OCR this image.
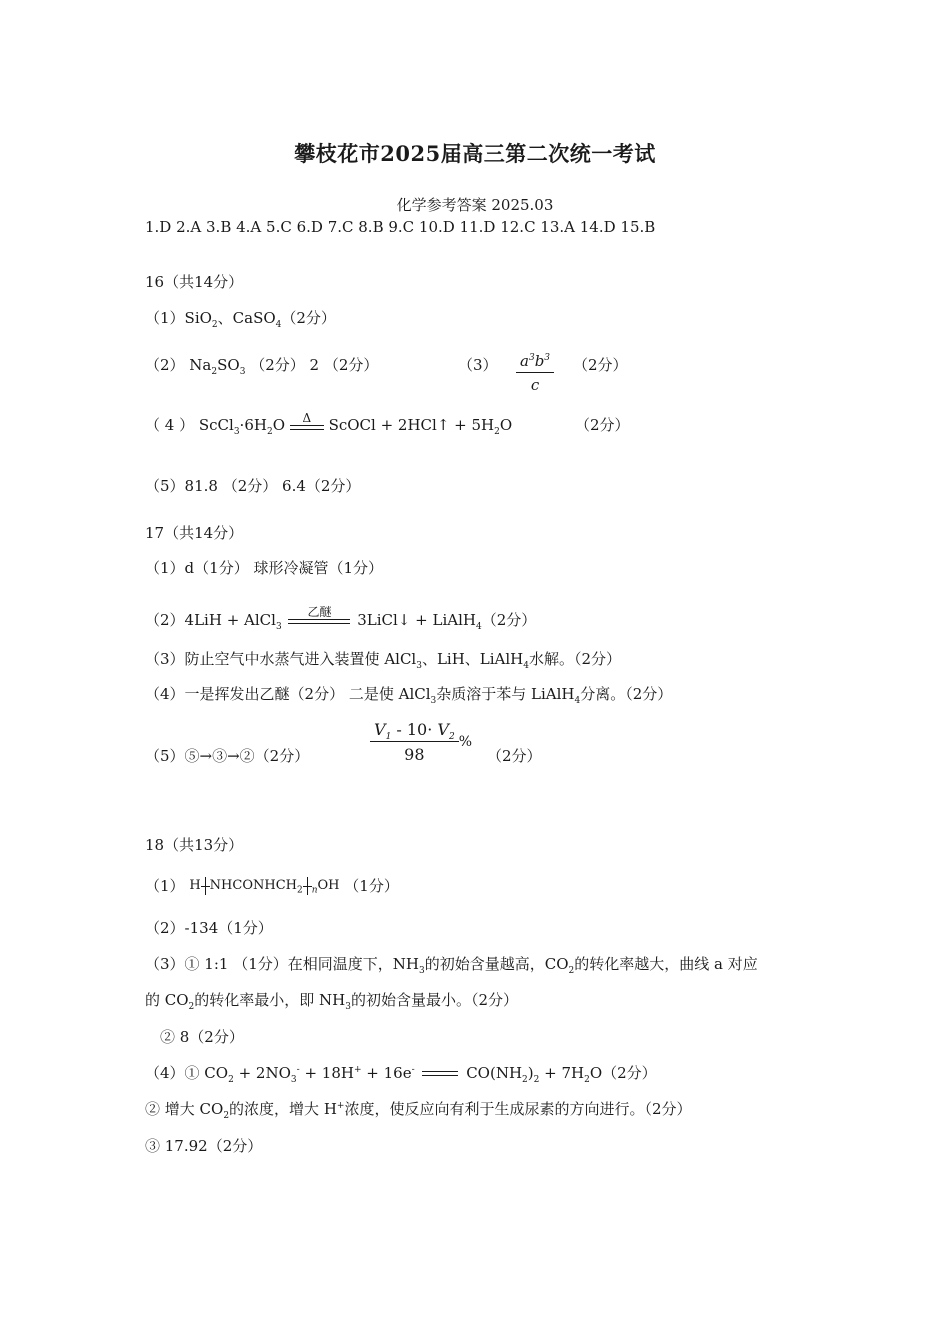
攀枝花市2025届高三第二次统一考试
化学参考答案 2025.03
1.D 2.A 3.B 4.A 5.C 6.D 7.C 8.B 9.C 10.D 11.D 12.C 13.A 14.D 15.B
16（共14分）
（1）SiO$_2$、CaSO$_4$（2分）
（2） $Na_2SO_3$ （2分） 2 （2分）	$(3) \frac{a^3b^3}{c} (2$分）
（ 4 ） $ScCl_3\cdot 6H_2O$	Δ	ScOCl + 2HCl↑ + $5H_2O$	（2分）
（5）81.8 （2分） 6.4（2分）
17（共14分）
（1）d（1分） 球形冷凝管（1分）
（2）4LiH + AlCl$_3$
乙醚	3LiCl↓ + LiAlH$_4$（2分）
（3）防止空气中水蒸气进入装置使 AlCl$_3$、LiH、LiAlH$_4$水解。（2分）
（4）一是挥发出乙醚（2分） 二是使 AlCl$_3$杂质溶于苯与 LiAlH$_4$分离。（2分）
（5）⑤→③→②（2分）	$\frac{V_1 - 10\cdot V_2}{98}$ %
（2分）
18（共13分）
（1） H $NHCONHCH_2$ $_n$OH （1分）
（2）-134（1分）
（3）① 1:1 （1分）在相同温度下，$NH_3$的初始含量越高，$CO_2$的转化率越大，曲线 a 对应
的 $CO_2$的转化率最小，即 $NH_3$的初始含量最小。（2分）
② 8（2分）
（4）① $CO_2 + 2NO_3^- + 18H^+ + 16e^-$	$CO(NH_2)_2 + 7H_2O(2$分）
② 增大 $CO_2$的浓度，增大 H+浓度，使反应向有利于生成尿素的方向进行。（2分）
③ 17.92（2分）
